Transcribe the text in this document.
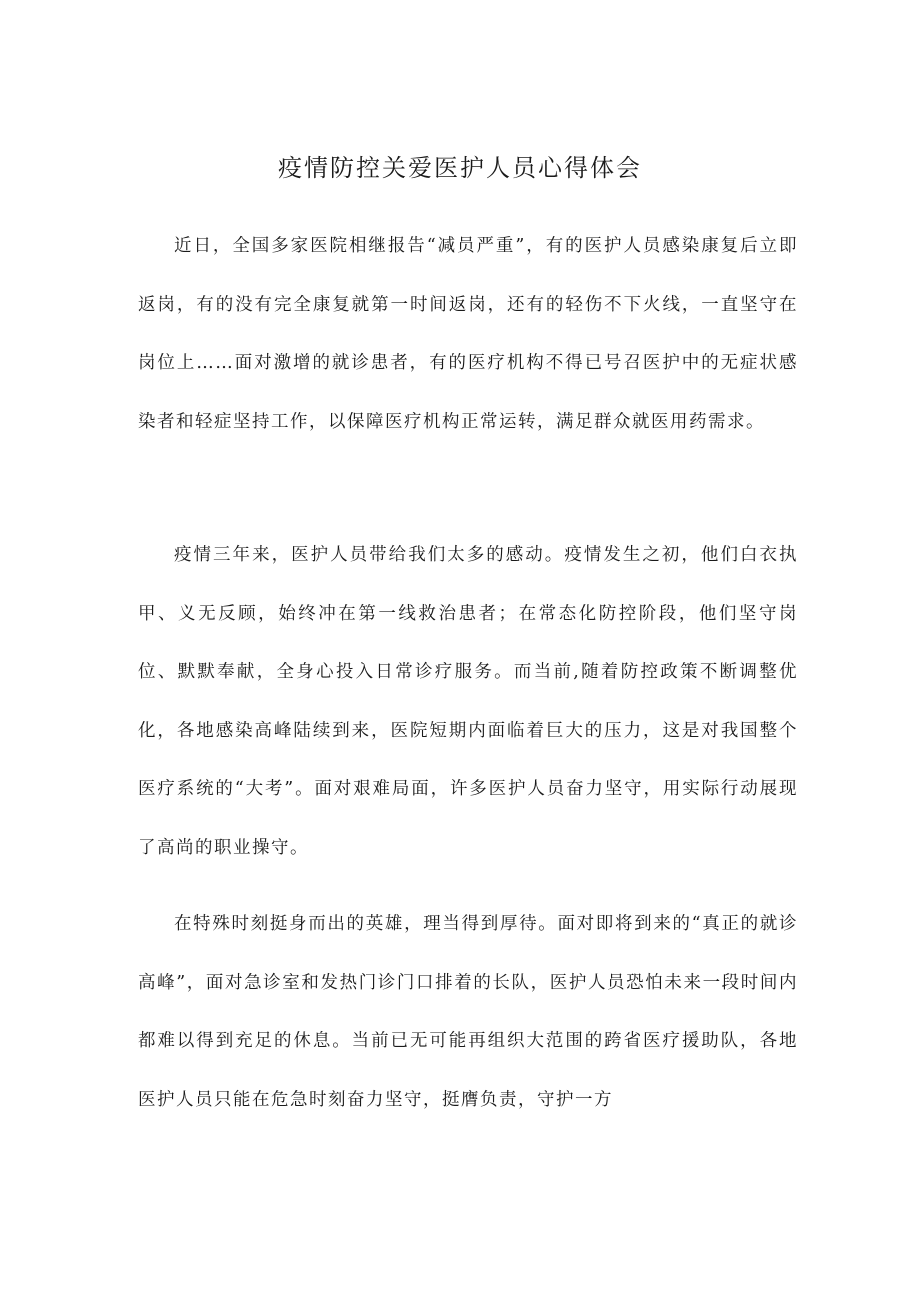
疫情防控关爱医护人员心得体会

近日，全国多家医院相继报告“减员严重”，有的医护人员感染康复后立即返岗，有的没有完全康复就第一时间返岗，还有的轻伤不下火线，一直坚守在岗位上……面对激增的就诊患者，有的医疗机构不得已号召医护中的无症状感染者和轻症坚持工作，以保障医疗机构正常运转，满足群众就医用药需求。

疫情三年来，医护人员带给我们太多的感动。疫情发生之初，他们白衣执甲、义无反顾，始终冲在第一线救治患者；在常态化防控阶段，他们坚守岗位、默默奉献，全身心投入日常诊疗服务。而当前,随着防控政策不断调整优化，各地感染高峰陆续到来，医院短期内面临着巨大的压力，这是对我国整个医疗系统的“大考”。面对艰难局面，许多医护人员奋力坚守，用实际行动展现了高尚的职业操守。

在特殊时刻挺身而出的英雄，理当得到厚待。面对即将到来的“真正的就诊高峰”，面对急诊室和发热门诊门口排着的长队，医护人员恐怕未来一段时间内都难以得到充足的休息。当前已无可能再组织大范围的跨省医疗援助队，各地医护人员只能在危急时刻奋力坚守，挺膺负责，守护一方
